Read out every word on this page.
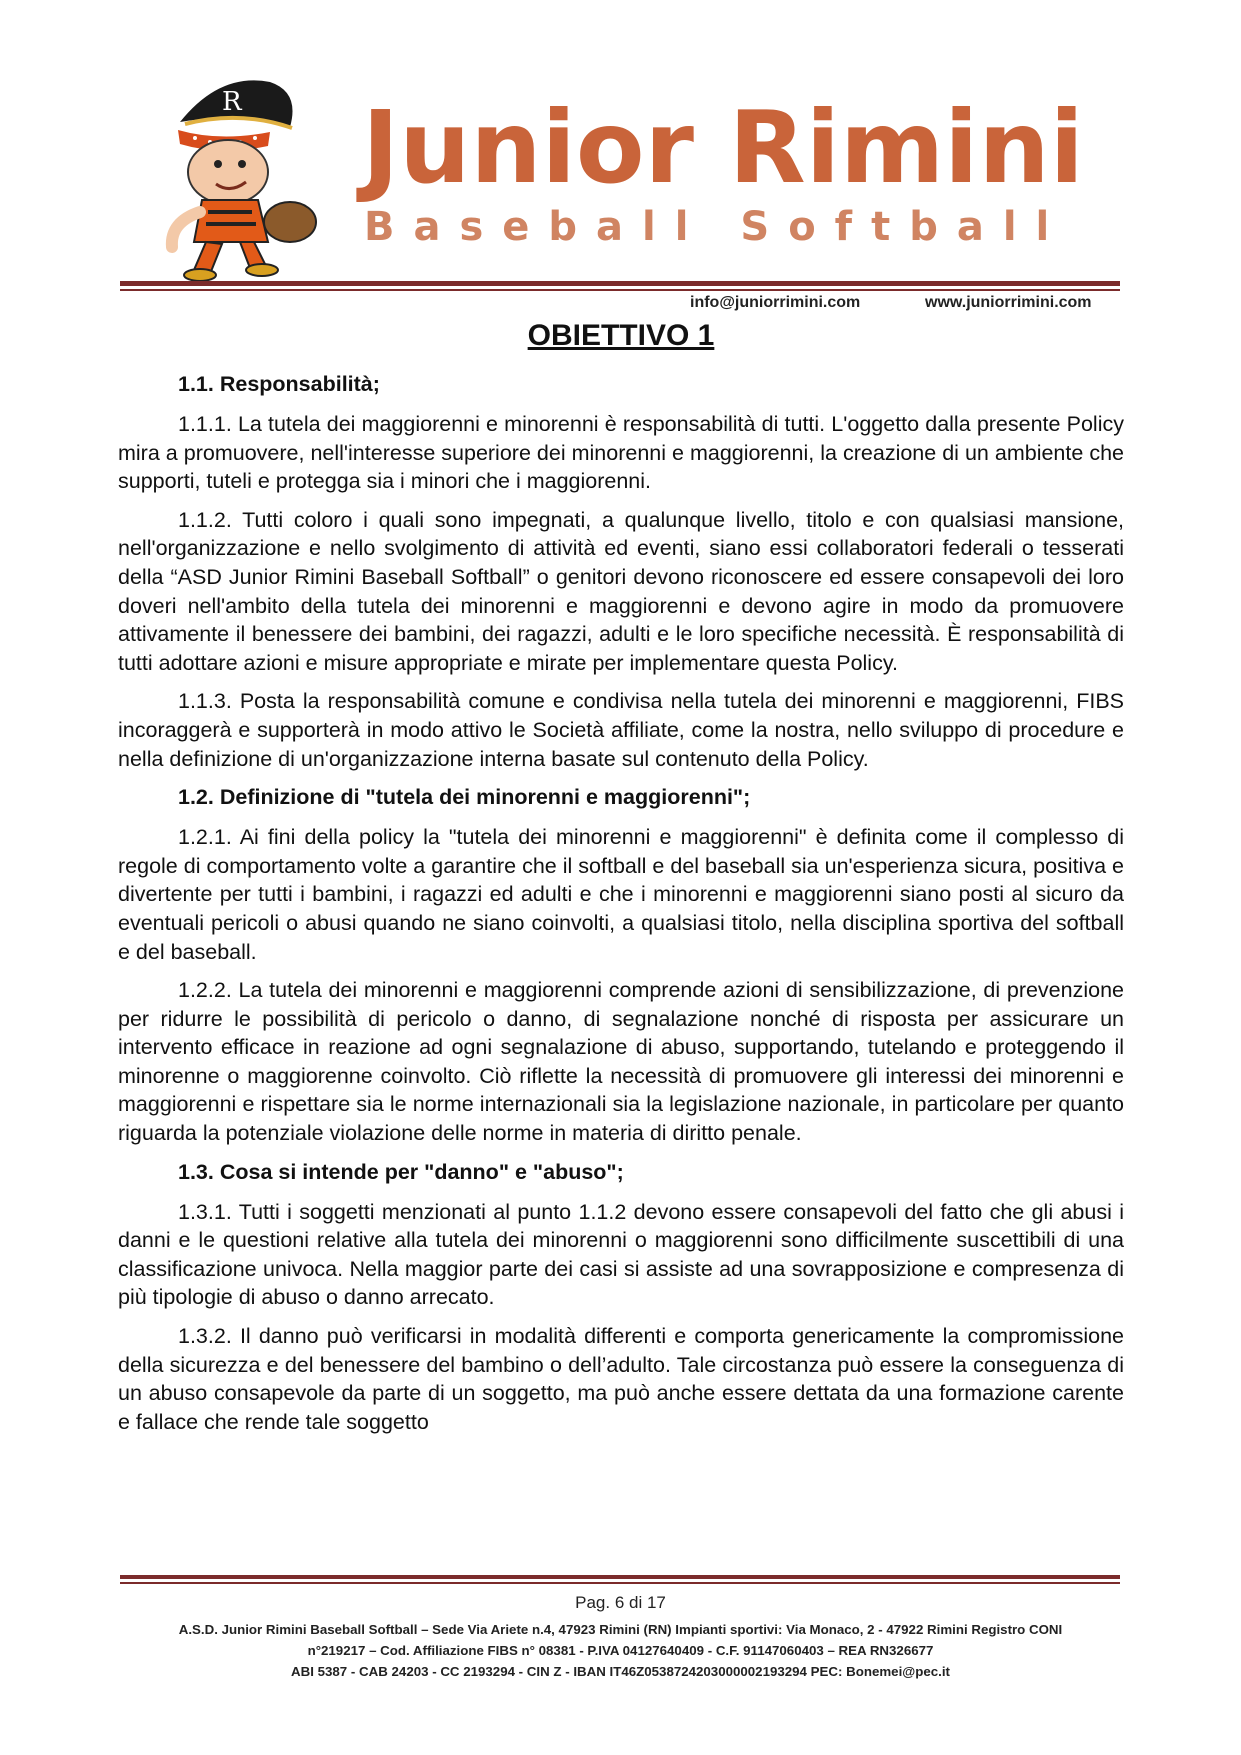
R Junior Rimini
Baseball Softball
info@juniorrimini.com	www.juniorrimini.com
OBIETTIVO 1
1.1. Responsabilità;

1.1.1. La tutela dei maggiorenni e minorenni è responsabilità di tutti. L'oggetto dalla presente Policy mira a promuovere, nell'interesse superiore dei minorenni e maggiorenni, la creazione di un ambiente che supporti, tuteli e protegga sia i minori che i maggiorenni.

1.1.2. Tutti coloro i quali sono impegnati, a qualunque livello, titolo e con qualsiasi mansione, nell'organizzazione e nello svolgimento di attività ed eventi, siano essi collaboratori federali o tesserati della “ASD Junior Rimini Baseball Softball” o genitori devono riconoscere ed essere consapevoli dei loro doveri nell'ambito della tutela dei minorenni e maggiorenni e devono agire in modo da promuovere attivamente il benessere dei bambini, dei ragazzi, adulti e le loro specifiche necessità. È responsabilità di tutti adottare azioni e misure appropriate e mirate per implementare questa Policy.

1.1.3. Posta la responsabilità comune e condivisa nella tutela dei minorenni e maggiorenni, FIBS incoraggerà e supporterà in modo attivo le Società affiliate, come la nostra, nello sviluppo di procedure e nella definizione di un'organizzazione interna basate sul contenuto della Policy.

1.2. Definizione di "tutela dei minorenni e maggiorenni";

1.2.1. Ai fini della policy la "tutela dei minorenni e maggiorenni" è definita come il complesso di regole di comportamento volte a garantire che il softball e del baseball sia un'esperienza sicura, positiva e divertente per tutti i bambini, i ragazzi ed adulti e che i minorenni e maggiorenni siano posti al sicuro da eventuali pericoli o abusi quando ne siano coinvolti, a qualsiasi titolo, nella disciplina sportiva del softball e del baseball.

1.2.2. La tutela dei minorenni e maggiorenni comprende azioni di sensibilizzazione, di prevenzione per ridurre le possibilità di pericolo o danno, di segnalazione nonché di risposta per assicurare un intervento efficace in reazione ad ogni segnalazione di abuso, supportando, tutelando e proteggendo il minorenne o maggiorenne coinvolto. Ciò riflette la necessità di promuovere gli interessi dei minorenni e maggiorenni e rispettare sia le norme internazionali sia la legislazione nazionale, in particolare per quanto riguarda la potenziale violazione delle norme in materia di diritto penale.

1.3. Cosa si intende per "danno" e "abuso";

1.3.1. Tutti i soggetti menzionati al punto 1.1.2 devono essere consapevoli del fatto che gli abusi i danni e le questioni relative alla tutela dei minorenni o maggiorenni sono difficilmente suscettibili di una classificazione univoca. Nella maggior parte dei casi si assiste ad una sovrapposizione e compresenza di più tipologie di abuso o danno arrecato.

1.3.2. Il danno può verificarsi in modalità differenti e comporta genericamente la compromissione della sicurezza e del benessere del bambino o dell’adulto. Tale circostanza può essere la conseguenza di un abuso consapevole da parte di un soggetto, ma può anche essere dettata da una formazione carente e fallace che rende tale soggetto

Pag. 6 di 17
A.S.D. Junior Rimini Baseball Softball – Sede Via Ariete n.4, 47923 Rimini (RN) Impianti sportivi: Via Monaco, 2 - 47922 Rimini Registro CONI
n°219217 – Cod. Affiliazione FIBS n° 08381 - P.IVA 04127640409 - C.F. 91147060403 – REA RN326677
ABI 5387 - CAB 24203 - CC 2193294 - CIN Z - IBAN IT46Z0538724203000002193294 PEC: Bonemei@pec.it
